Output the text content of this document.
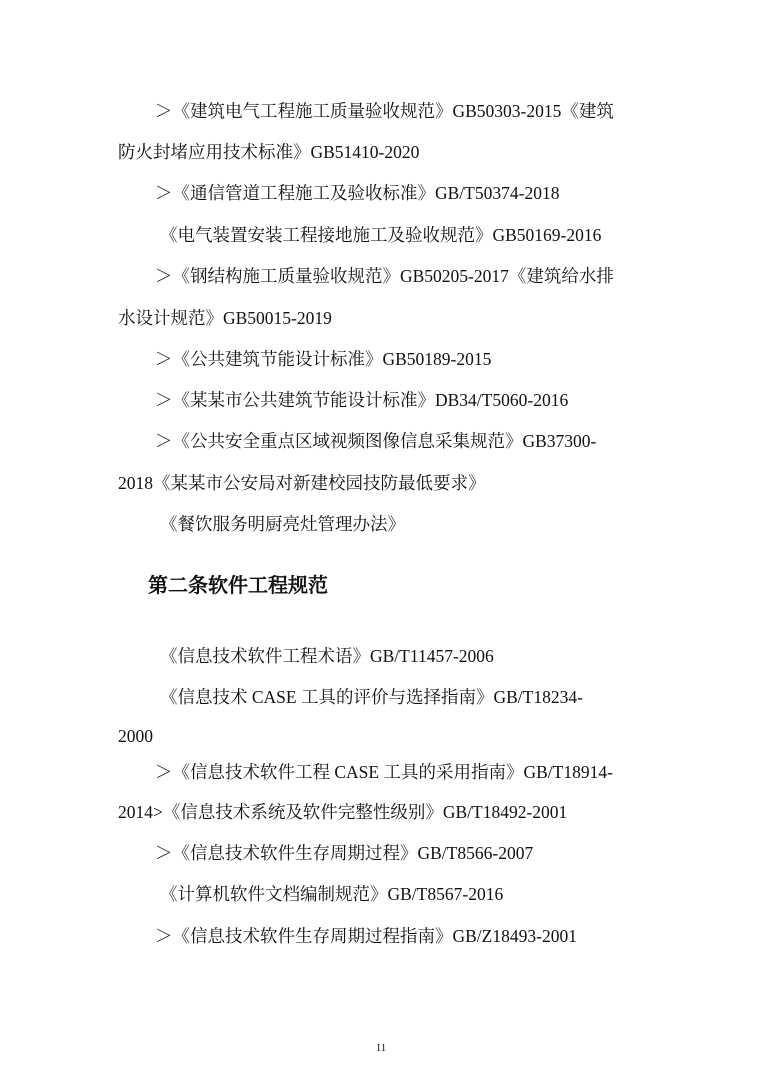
＞《建筑电气工程施工质量验收规范》GB50303-2015《建筑
防火封堵应用技术标准》GB51410-2020
＞《通信管道工程施工及验收标准》GB/T50374-2018
《电气装置安装工程接地施工及验收规范》GB50169-2016
＞《钢结构施工质量验收规范》GB50205-2017《建筑给水排
水设计规范》GB50015-2019
＞《公共建筑节能设计标准》GB50189-2015
＞《某某市公共建筑节能设计标准》DB34/T5060-2016
＞《公共安全重点区域视频图像信息采集规范》GB37300-
2018《某某市公安局对新建校园技防最低要求》
《餐饮服务明厨亮灶管理办法》
第二条软件工程规范
《信息技术软件工程术语》GB/T11457-2006
《信息技术 CASE 工具的评价与选择指南》GB/T18234-
2000
＞《信息技术软件工程 CASE 工具的采用指南》GB/T18914-
2014>《信息技术系统及软件完整性级别》GB/T18492-2001
＞《信息技术软件生存周期过程》GB/T8566-2007
《计算机软件文档编制规范》GB/T8567-2016
＞《信息技术软件生存周期过程指南》GB/Z18493-2001
11
